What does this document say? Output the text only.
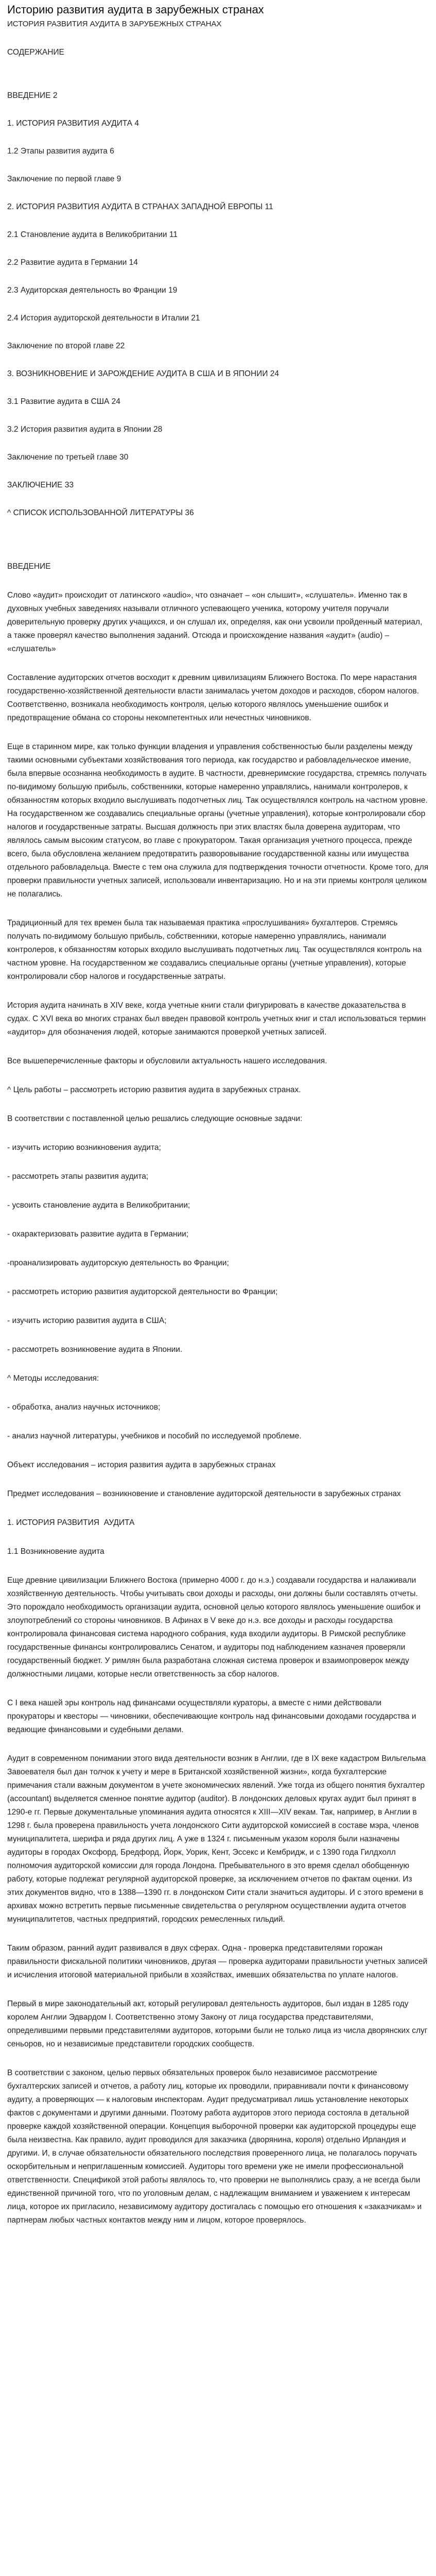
Историю развития аудита в зарубежных странах
ИСТОРИЯ РАЗВИТИЯ АУДИТА В ЗАРУБЕЖНЫХ СТРАНАХ
СОДЕРЖАНИЕ
ВВЕДЕНИЕ 2
1. ИСТОРИЯ РАЗВИТИЯ АУДИТА 4
1.2 Этапы развития аудита 6
Заключение по первой главе 9
2. ИСТОРИЯ РАЗВИТИЯ АУДИТА В СТРАНАХ ЗАПАДНОЙ ЕВРОПЫ 11
2.1 Становление аудита в Великобритании 11
2.2 Развитие аудита в Германии 14
2.3 Аудиторская деятельность во Франции 19
2.4 История аудиторской деятельности в Италии 21
Заключение по второй главе 22
3. ВОЗНИКНОВЕНИЕ И ЗАРОЖДЕНИЕ АУДИТА В США И В ЯПОНИИ 24
3.1 Развитие аудита в США 24
3.2 История развития аудита в Японии 28
Заключение по третьей главе 30
ЗАКЛЮЧЕНИЕ 33
^ СПИСОК ИСПОЛЬЗОВАННОЙ ЛИТЕРАТУРЫ 36
ВВЕДЕНИЕ
Слово «аудит» происходит от латинского «audio», что означает – «он слышит», «слушатель». Именно так в духовных учебных заведениях называли отличного успевающего ученика, которому учителя поручали доверительную проверку других учащихся, и он слушал их, определяя, как они усвоили пройденный материал, а также проверял качество выполнения заданий. Отсюда и происхождение названия «аудит» (audio) – «слушатель»
Составление аудиторских отчетов восходит к древним цивилизациям Ближнего Востока. По мере нарастания государственно-хозяйственной деятельности власти занималась учетом доходов и расходов, сбором налогов. Соответственно, возникала необходимость контроля, целью которого являлось уменьшение ошибок и предотвращение обмана со стороны некомпетентных или нечестных чиновников.
Еще в старинном мире, как только функции владения и управления собственностью были разделены между такими основными субъектами хозяйствования того периода, как государство и рабовладельческое имение, была впервые осознанна необходимость в аудите. В частности, древнеримские государства, стремясь получать по-видимому большую прибыль, собственники, которые намеренно управлялись, нанимали контролеров, к обязанностям которых входило выслушивать подотчетных лиц. Так осуществлялся контроль на частном уровне. На государственном же создавались специальные органы (учетные управления), которые контролировали сбор налогов и государственные затраты. Высшая должность при этих властях была доверена аудиторам, что являлось самым высоким статусом, во главе с прокуратором. Такая организация учетного процесса, прежде всего, была обусловлена желанием предотвратить разворовывание государственной казны или имущества отдельного рабовладельца. Вместе с тем она служила для подтверждения точности отчетности. Кроме того, для проверки правильности учетных записей, использовали инвентаризацию. Но и на эти приемы контроля целиком не полагались.
Традиционный для тех времен была так называемая практика «прослушивания» бухгалтеров. Стремясь получать по-видимому большую прибыль, собственники, которые намеренно управлялись, нанимали контролеров, к обязанностям которых входило выслушивать подотчетных лиц. Так осуществлялся контроль на частном уровне. На государственном же создавались специальные органы (учетные управления), которые контролировали сбор налогов и государственные затраты.
История аудита начинать в XIV веке, когда учетные книги стали фигурировать в качестве доказательства в судах. С XVI века во многих странах был введен правовой контроль учетных книг и стал использоваться термин «аудитор» для обозначения людей, которые занимаются проверкой учетных записей.
Все вышеперечисленные факторы и обусловили актуальность нашего исследования.
^ Цель работы – рассмотреть историю развития аудита в зарубежных странах.
В соответствии с поставленной целью решались следующие основные задачи:
- изучить историю возникновения аудита;
- рассмотреть этапы развития аудита;
- усвоить становление аудита в Великобритании;
- охарактеризовать развитие аудита в Германии;
-проанализировать аудиторскую деятельность во Франции;
- рассмотреть историю развития аудиторской деятельности во Франции;
- изучить историю развития аудита в США;
- рассмотреть возникновение аудита в Японии.
^ Методы исследования:
- обработка, анализ научных источников;
- анализ научной литературы, учебников и пособий по исследуемой проблеме.
Объект исследования – история развития аудита в зарубежных странах
Предмет исследования – возникновение и становление аудиторской деятельности в зарубежных странах
1. ИСТОРИЯ РАЗВИТИЯ  АУДИТА
1.1 Возникновение аудита
Еще древние цивилизации Ближнего Востока (примерно 4000 г. до н.э.) создавали государства и налаживали хозяйственную деятельность. Чтобы учитывать свои доходы и расходы, они должны были составлять отчеты. Это порождало необходимость организации аудита, основной целью которого являлось уменьшение ошибок и злоупотреблений со стороны чиновников. В Афинах в V веке до н.э. все доходы и расходы государства контролировала финансовая система народного собрания, куда входили аудиторы. В Римской республике государственные финансы контролировались Сенатом, и аудиторы под наблюдением казначея проверяли государственный бюджет. У римлян была разработана сложная система проверок и взаимопроверок между должностными лицами, которые несли ответственность за сбор налогов.
С I века нашей эры контроль над финансами осуществляли кураторы, а вместе с ними действовали прокураторы и квесторы — чиновники, обеспечивающие контроль над финансовыми доходами государства и ведающие финансовыми и судебными делами.
Аудит в современном понимании этого вида деятельности возник в Англии, где в IX веке кадастром Вильгельма Завоевателя был дан толчок к учету и мере в Британской хозяйственной жизни», когда бухгалтерские примечания стали важным документом в учете экономических явлений. Уже тогда из общего понятия бухгалтер (accountant) выделяется сменное понятие аудитор (auditor). В лондонских деловых кругах аудит был принят в 1290-е гг. Первые документальные упоминания аудита относятся к XIII—XIV векам. Так, например, в Англии в 1298 г. была проверена правильность учета лондонского Сити аудиторской комиссией в составе мэра, членов муниципалитета, шерифа и ряда других лиц. А уже в 1324 г. письменным указом короля были назначены аудиторы в городах Оксфорд, Бредфорд, Йорк, Уорик, Кент, Эссекс и Кембридж, и с 1390 года Гилдхолл полномочия аудиторской комиссии для города Лондона. Пребывательного в это время сделал обобщенную работу, которые подлежат регулярной аудиторской проверке, за исключением отчетов по фактам оценки. Из этих документов видно, что в 1388—1390 гг. в лондонском Сити стали значиться аудиторы. И с этого времени в архивах можно встретить первые письменные свидетельства о регулярном осуществлении аудита отчетов муниципалитетов, частных предприятий, городских ремесленных гильдий.
Таким образом, ранний аудит развивался в двух сферах. Одна - проверка представителями горожан правильности фискальной политики чиновников, другая — проверка аудиторами правильности учетных записей и исчисления итоговой материальной прибыли в хозяйствах, имевших обязательства по уплате налогов.
Первый в мире законодательный акт, который регулировал деятельность аудиторов, был издан в 1285 году королем Англии Эдвардом I. Соответственно этому Закону от лица государства представителями, определившими первыми представителями аудиторов, которыми были не только лица из числа дворянских слуг сеньоров, но и независимые представители городских сообществ.
В соответствии с законом, целью первых обязательных проверок было независимое рассмотрение бухгалтерских записей и отчетов, а работу лиц, которые их проводили, приравнивали почти к финансовому аудиту, а проверяющих — к налоговым инспекторам. Аудит предусматривал лишь установление некоторых фактов с документами и другими данными. Поэтому работа аудиторов этого периода состояла в детальной проверке каждой хозяйственной операции. Концепция выборочной проверки как аудиторской процедуры еще была неизвестна. Как правило, аудит проводился для заказчика (дворянина, короля) отдельно Ирландия и другими. И, в случае обязательности обязательного последствия проверенного лица, не полагалось поручать оскорбительным и неприглашенным комиссией. Аудиторы того времени уже не имели профессиональной ответственности. Спецификой этой работы являлось то, что проверки не выполнялись сразу, а не всегда были единственной причиной того, что по уголовным делам, с надлежащим вниманием и уважением к интересам лица, которое их пригласило, независимому аудитору достигалась с помощью его отношения к «заказчикам» и партнерам любых частных контактов между ним и лицом, которое проверялось.
